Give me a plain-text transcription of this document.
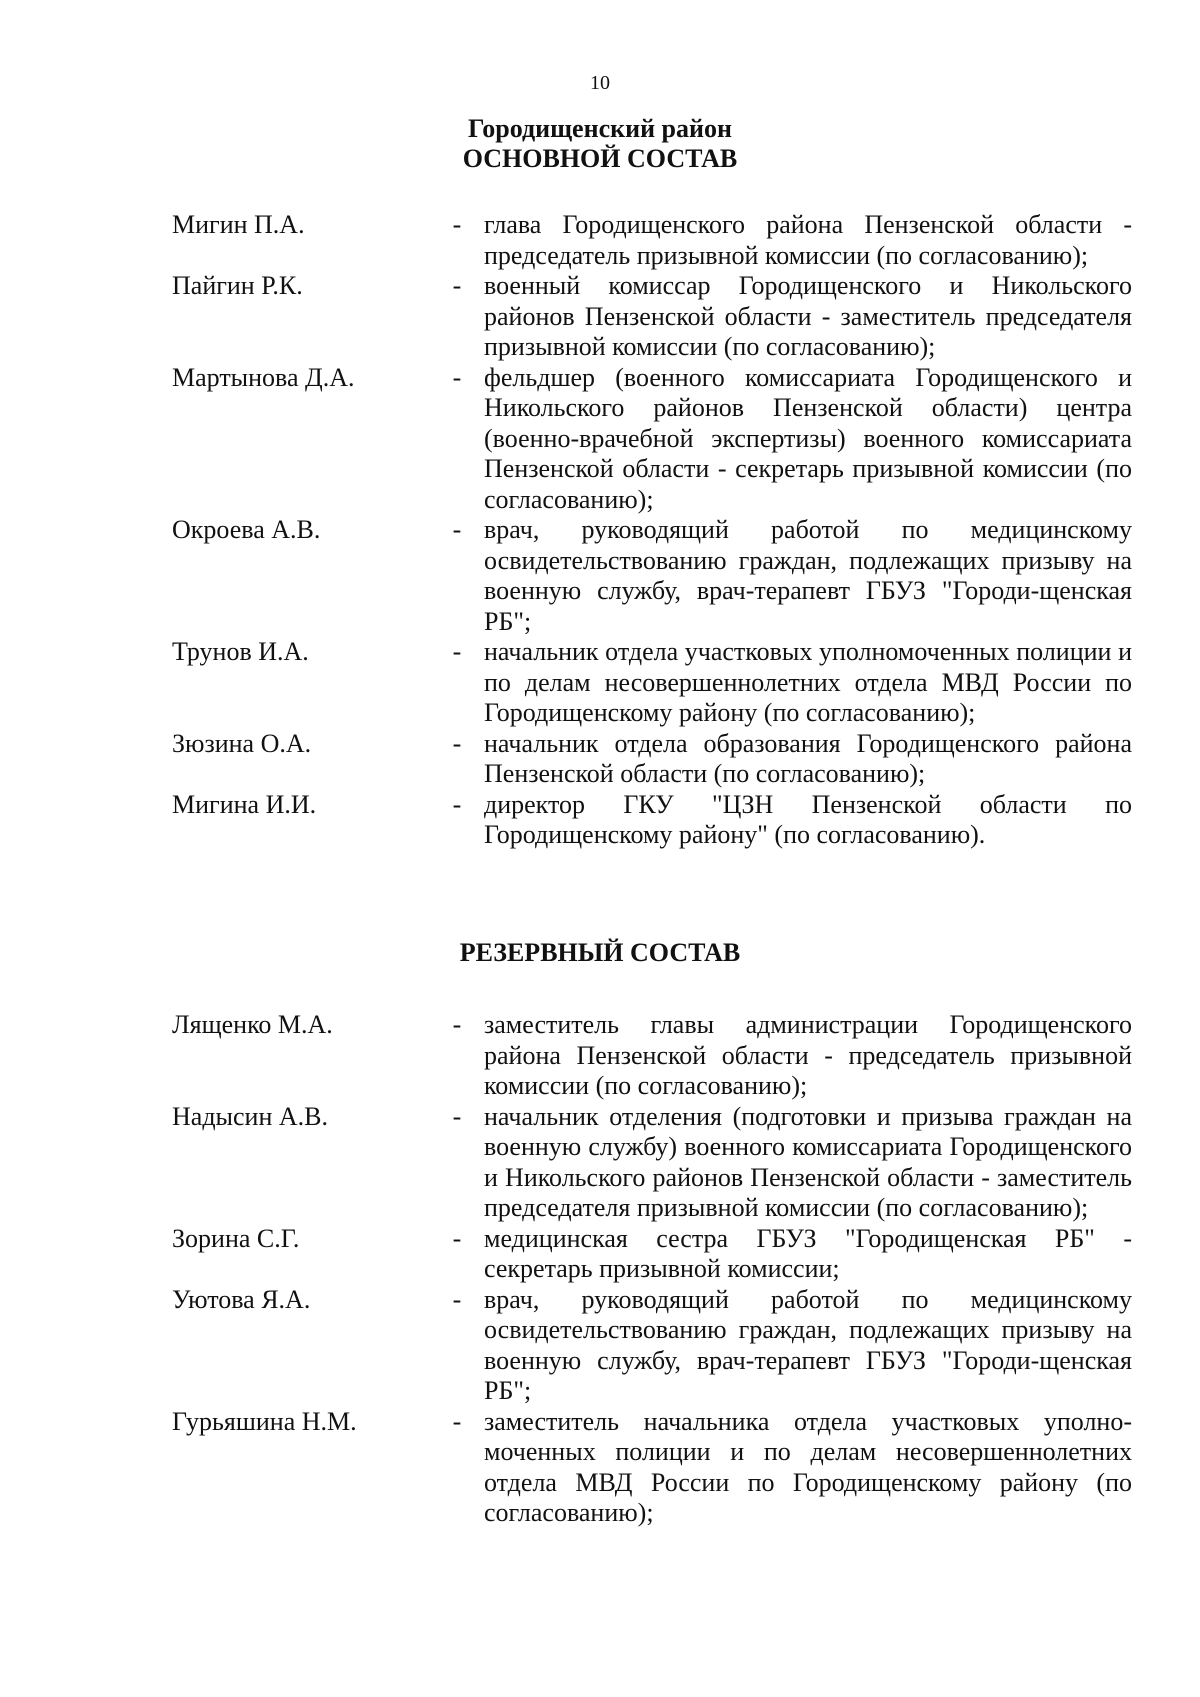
10
Городищенский район
ОСНОВНОЙ СОСТАВ
Мигин П.А.	- глава Городищенского района Пензенской области - председатель призывной комиссии (по согласованию);
Пайгин Р.К.	- военный комиссар Городищенского и Никольского районов Пензенской области - заместитель председателя призывной комиссии (по согласованию);
Мартынова Д.А.	- фельдшер (военного комиссариата Городищенского и Никольского районов Пензенской области) центра (военно-врачебной экспертизы) военного комиссариата Пензенской области - секретарь призывной комиссии (по согласованию);
Окроева А.В.	- врач, руководящий работой по медицинскому освидетельствованию граждан, подлежащих призыву на военную службу, врач-терапевт ГБУЗ "Городи-щенская РБ";
Трунов И.А.	- начальник отдела участковых уполномоченных полиции и по делам несовершеннолетних отдела МВД России по Городищенскому району (по согласованию);
Зюзина О.А.	- начальник отдела образования Городищенского района Пензенской области (по согласованию);
Мигина И.И.	- директор ГКУ "ЦЗН Пензенской области по Городищенскому району" (по согласованию).
РЕЗЕРВНЫЙ СОСТАВ
Лященко М.А.	- заместитель главы администрации Городищенского района Пензенской области - председатель призывной комиссии (по согласованию);
Надысин А.В.	- начальник отделения (подготовки и призыва граждан на военную службу) военного комиссариата Городищенского и Никольского районов Пензенской области - заместитель председателя призывной комиссии (по согласованию);
Зорина С.Г.	- медицинская сестра ГБУЗ "Городищенская РБ" - секретарь призывной комиссии;
Уютова Я.А.	- врач, руководящий работой по медицинскому освидетельствованию граждан, подлежащих призыву на военную службу, врач-терапевт ГБУЗ "Городи-щенская РБ";
Гурьяшина Н.М.	- заместитель начальника отдела участковых уполно-моченных полиции и по делам несовершеннолетних отдела МВД России по Городищенскому району (по согласованию);
